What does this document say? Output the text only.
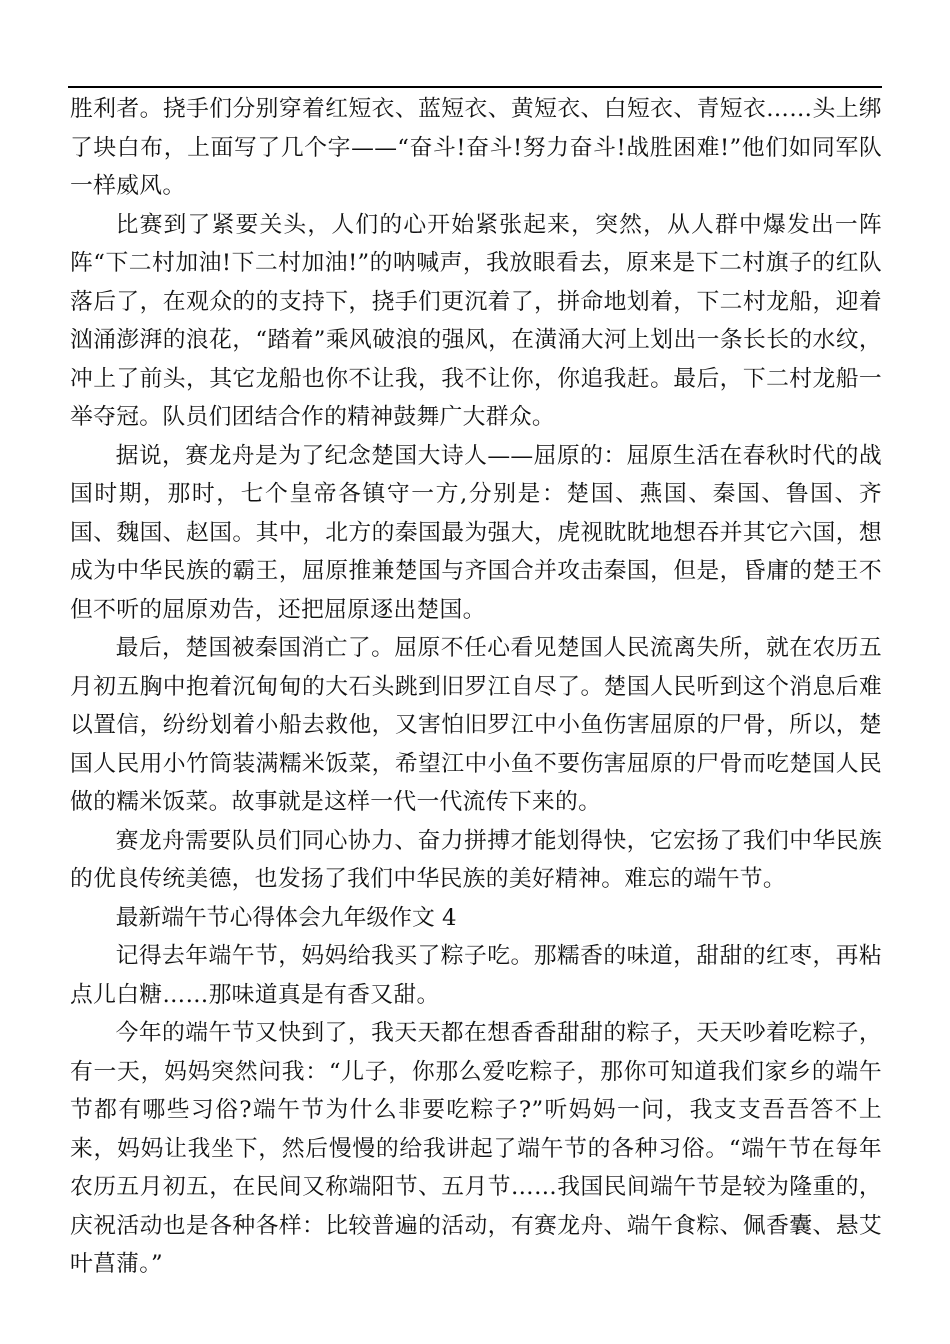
胜利者。挠手们分别穿着红短衣、蓝短衣、黄短衣、白短衣、青短衣……头上绑了块白布，上面写了几个字——“奋斗!奋斗!努力奋斗!战胜困难!”他们如同军队一样威风。

比赛到了紧要关头，人们的心开始紧张起来，突然，从人群中爆发出一阵阵“下二村加油!下二村加油!”的呐喊声，我放眼看去，原来是下二村旗子的红队落后了，在观众的的支持下，挠手们更沉着了，拼命地划着，下二村龙船，迎着汹涌澎湃的浪花，“踏着”乘风破浪的强风，在潢涌大河上划出一条长长的水纹，冲上了前头，其它龙船也你不让我，我不让你，你追我赶。最后，下二村龙船一举夺冠。队员们团结合作的精神鼓舞广大群众。

据说，赛龙舟是为了纪念楚国大诗人——屈原的：屈原生活在春秋时代的战国时期，那时，七个皇帝各镇守一方,分别是：楚国、燕国、秦国、鲁国、齐国、魏国、赵国。其中，北方的秦国最为强大，虎视眈眈地想吞并其它六国，想成为中华民族的霸王，屈原推兼楚国与齐国合并攻击秦国，但是，昏庸的楚王不但不听的屈原劝告，还把屈原逐出楚国。

最后，楚国被秦国消亡了。屈原不任心看见楚国人民流离失所，就在农历五月初五胸中抱着沉甸甸的大石头跳到旧罗江自尽了。楚国人民听到这个消息后难以置信，纷纷划着小船去救他，又害怕旧罗江中小鱼伤害屈原的尸骨，所以，楚国人民用小竹筒装满糯米饭菜，希望江中小鱼不要伤害屈原的尸骨而吃楚国人民做的糯米饭菜。故事就是这样一代一代流传下来的。

赛龙舟需要队员们同心协力、奋力拼搏才能划得快，它宏扬了我们中华民族的优良传统美德，也发扬了我们中华民族的美好精神。难忘的端午节。

最新端午节心得体会九年级作文 4

记得去年端午节，妈妈给我买了粽子吃。那糯香的味道，甜甜的红枣，再粘点儿白糖……那味道真是有香又甜。

今年的端午节又快到了，我天天都在想香香甜甜的粽子，天天吵着吃粽子，有一天，妈妈突然问我：“儿子，你那么爱吃粽子，那你可知道我们家乡的端午节都有哪些习俗?端午节为什么非要吃粽子?”听妈妈一问，我支支吾吾答不上来，妈妈让我坐下，然后慢慢的给我讲起了端午节的各种习俗。“端午节在每年农历五月初五，在民间又称端阳节、五月节……我国民间端午节是较为隆重的，庆祝活动也是各种各样：比较普遍的活动，有赛龙舟、端午食粽、佩香囊、悬艾叶菖蒲。”
